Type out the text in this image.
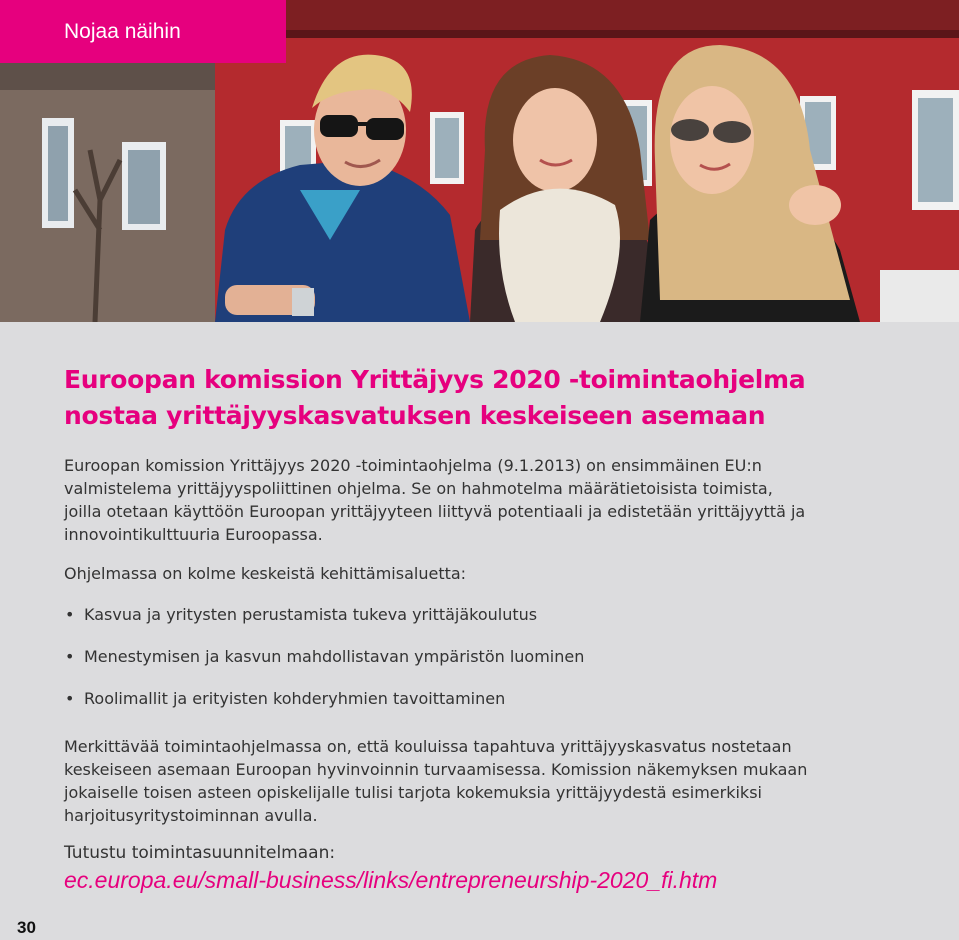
Nojaa näihin
Euroopan komission Yrittäjyys 2020 -toimintaohjelma
nostaa yrittäjyyskasvatuksen keskeiseen asemaan

Euroopan komission Yrittäjyys 2020 -toimintaohjelma (9.1.2013) on ensimmäinen EU:n
valmistelema yrittäjyyspoliittinen ohjelma. Se on hahmotelma määrätietoisista toimista,
joilla otetaan käyttöön Euroopan yrittäjyyteen liittyvä potentiaali ja edistetään yrittäjyyttä ja
innovointikulttuuria Euroopassa.

Ohjelmassa on kolme keskeistä kehittämisaluetta:

• Kasvua ja yritysten perustamista tukeva yrittäjäkoulutus
• Menestymisen ja kasvun mahdollistavan ympäristön luominen
• Roolimallit ja erityisten kohderyhmien tavoittaminen

Merkittävää toimintaohjelmassa on, että kouluissa tapahtuva yrittäjyyskasvatus nostetaan
keskeiseen asemaan Euroopan hyvinvoinnin turvaamisessa. Komission näkemyksen mukaan
jokaiselle toisen asteen opiskelijalle tulisi tarjota kokemuksia yrittäjyydestä esimerkiksi
harjoitusyritystoiminnan avulla.

Tutustu toimintasuunnitelmaan:
ec.europa.eu/small-business/links/entrepreneurship-2020_fi.htm
30
